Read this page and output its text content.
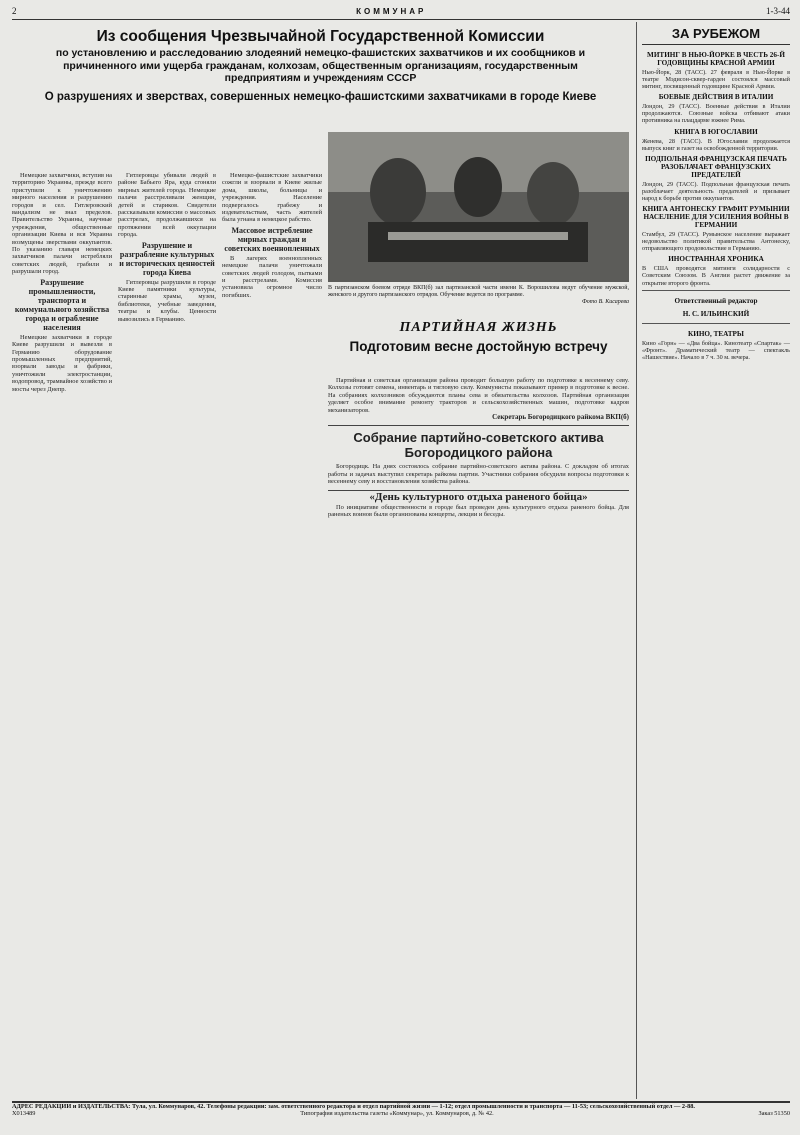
2	КОММУНАР	1-3-44
Из сообщения Чрезвычайной Государственной Комиссии
по установлению и расследованию злодеяний немецко-фашистских захватчиков и их сообщников и причиненного ими ущерба гражданам, колхозам, общественным организациям, государственным предприятиям и учреждениям СССР
О разрушениях и зверствах, совершенных немецко-фашистскими захватчиками в городе Киеве

Немецкие захватчики, вступив на территорию Украины, прежде всего приступили к уничтожению мирного населения и разрушению городов и сел. Гитлеровский вандализм не знал пределов. Правительство Украины, научные учреждения, общественные организации Киева и вся Украина возмущены зверствами оккупантов. По указанию главаря немецких захватчиков палачи истребляли советских людей, грабили и разрушали город.

Разрушение промышленности, транспорта и коммунального хозяйства города и ограбление населения

Немецкие захватчики в городе Киеве разрушили и вывезли в Германию оборудование промышленных предприятий, взорвали заводы и фабрики, уничтожили электростанции, водопровод, трамвайное хозяйство и мосты через Днепр.

Гитлеровцы убивали людей в районе Бабьего Яра, куда сгоняли мирных жителей города. Немецкие палачи расстреливали женщин, детей и стариков. Свидетели рассказывали комиссии о массовых расстрелах, продолжавшихся на протяжении всей оккупации города.

Разрушение и разграбление культурных и исторических ценностей города Киева

Гитлеровцы разрушили в городе Киеве памятники культуры, старинные храмы, музеи, библиотеки, учебные заведения, театры и клубы. Ценности вывозились в Германию.

Немецко-фашистские захватчики сожгли и взорвали в Киеве жилые дома, школы, больницы и учреждения. Население подвергалось грабежу и издевательствам, часть жителей была угнана в немецкое рабство.

Массовое истребление мирных граждан и советских военнопленных

В лагерях военнопленных немецкие палачи уничтожали советских людей голодом, пытками и расстрелами. Комиссия установила огромное число погибших.

В партизанском боевом отряде ВКП(б) зал партизанской части имени К. Ворошилова ведут обучение мужской, женского и другого партизанского отрядов. Обучение ведется по программе.
Фото В. Кисарева
ПАРТИЙНАЯ ЖИЗНЬ
Подготовим весне достойную встречу

Партийная и советская организация района проводит большую работу по подготовке к весеннему севу. Колхозы готовят семена, инвентарь и тягловую силу. Коммунисты показывают пример в подготовке к весне. На собраниях колхозников обсуждаются планы сева и обязательства колхозов. Партийная организация уделяет особое внимание ремонту тракторов и сельскохозяйственных машин, подготовке кадров механизаторов.

Секретарь Богородицкого райкома ВКП(б)
Собрание партийно-советского актива Богородицкого района

Богородицк. На днях состоялось собрание партийно-советского актива района. С докладом об итогах работы и задачах выступил секретарь райкома партии. Участники собрания обсудили вопросы подготовки к весеннему севу и восстановления хозяйства района.

«День культурного отдыха раненого бойца»

По инициативе общественности в городе был проведен день культурного отдыха раненого бойца. Для раненых воинов были организованы концерты, лекции и беседы.

ЗА РУБЕЖОМ
МИТИНГ В НЬЮ-ЙОРКЕ В ЧЕСТЬ 26-Й ГОДОВЩИНЫ КРАСНОЙ АРМИИ
Нью-Йорк, 28 (ТАСС). 27 февраля в Нью-Йорке в театре Мэдисон-сквер-гарден состоялся массовый митинг, посвященный годовщине Красной Армии.
БОЕВЫЕ ДЕЙСТВИЯ В ИТАЛИИ
Лондон, 29 (ТАСС). Военные действия в Италии продолжаются. Союзные войска отбивают атаки противника на плацдарме южнее Рима.
КНИГА В ЮГОСЛАВИИ
Женева, 28 (ТАСС). В Югославии продолжается выпуск книг и газет на освобожденной территории.
ПОДПОЛЬНАЯ ФРАНЦУЗСКАЯ ПЕЧАТЬ РАЗОБЛАЧАЕТ ФРАНЦУЗСКИХ ПРЕДАТЕЛЕЙ
Лондон, 29 (ТАСС). Подпольная французская печать разоблачает деятельность предателей и призывает народ к борьбе против оккупантов.
КНИГА АНТОНЕСКУ ГРАФИТ РУМЫНИИ НАСЕЛЕНИЕ ДЛЯ УСИЛЕНИЯ ВОЙНЫ В ГЕРМАНИИ
Стамбул, 29 (ТАСС). Румынское население выражает недовольство политикой правительства Антонеску, отправляющего продовольствие в Германию.
ИНОСТРАННАЯ ХРОНИКА
В США проводятся митинги солидарности с Советским Союзом. В Англии растет движение за открытие второго фронта.
Ответственный редактор
Н. С. ИЛЬИНСКИЙ
КИНО, ТЕАТРЫ
Кино «Горн» — «Два бойца». Кинотеатр «Спартак» — «Фронт». Драматический театр — спектакль «Нашествие». Начало в 7 ч. 30 м. вечера.
АДРЕС РЕДАКЦИИ и ИЗДАТЕЛЬСТВА: Тула, ул. Коммунаров, 42. Телефоны редакции: зам. ответственного редактора и отдел партийной жизни — 1-12; отдел промышленности и транспорта — 11-53; сельскохозяйственный отдел — 2-88.
Х013489	Типография издательства газеты «Коммунар», ул. Коммунаров, д. № 42.	Заказ 51350
